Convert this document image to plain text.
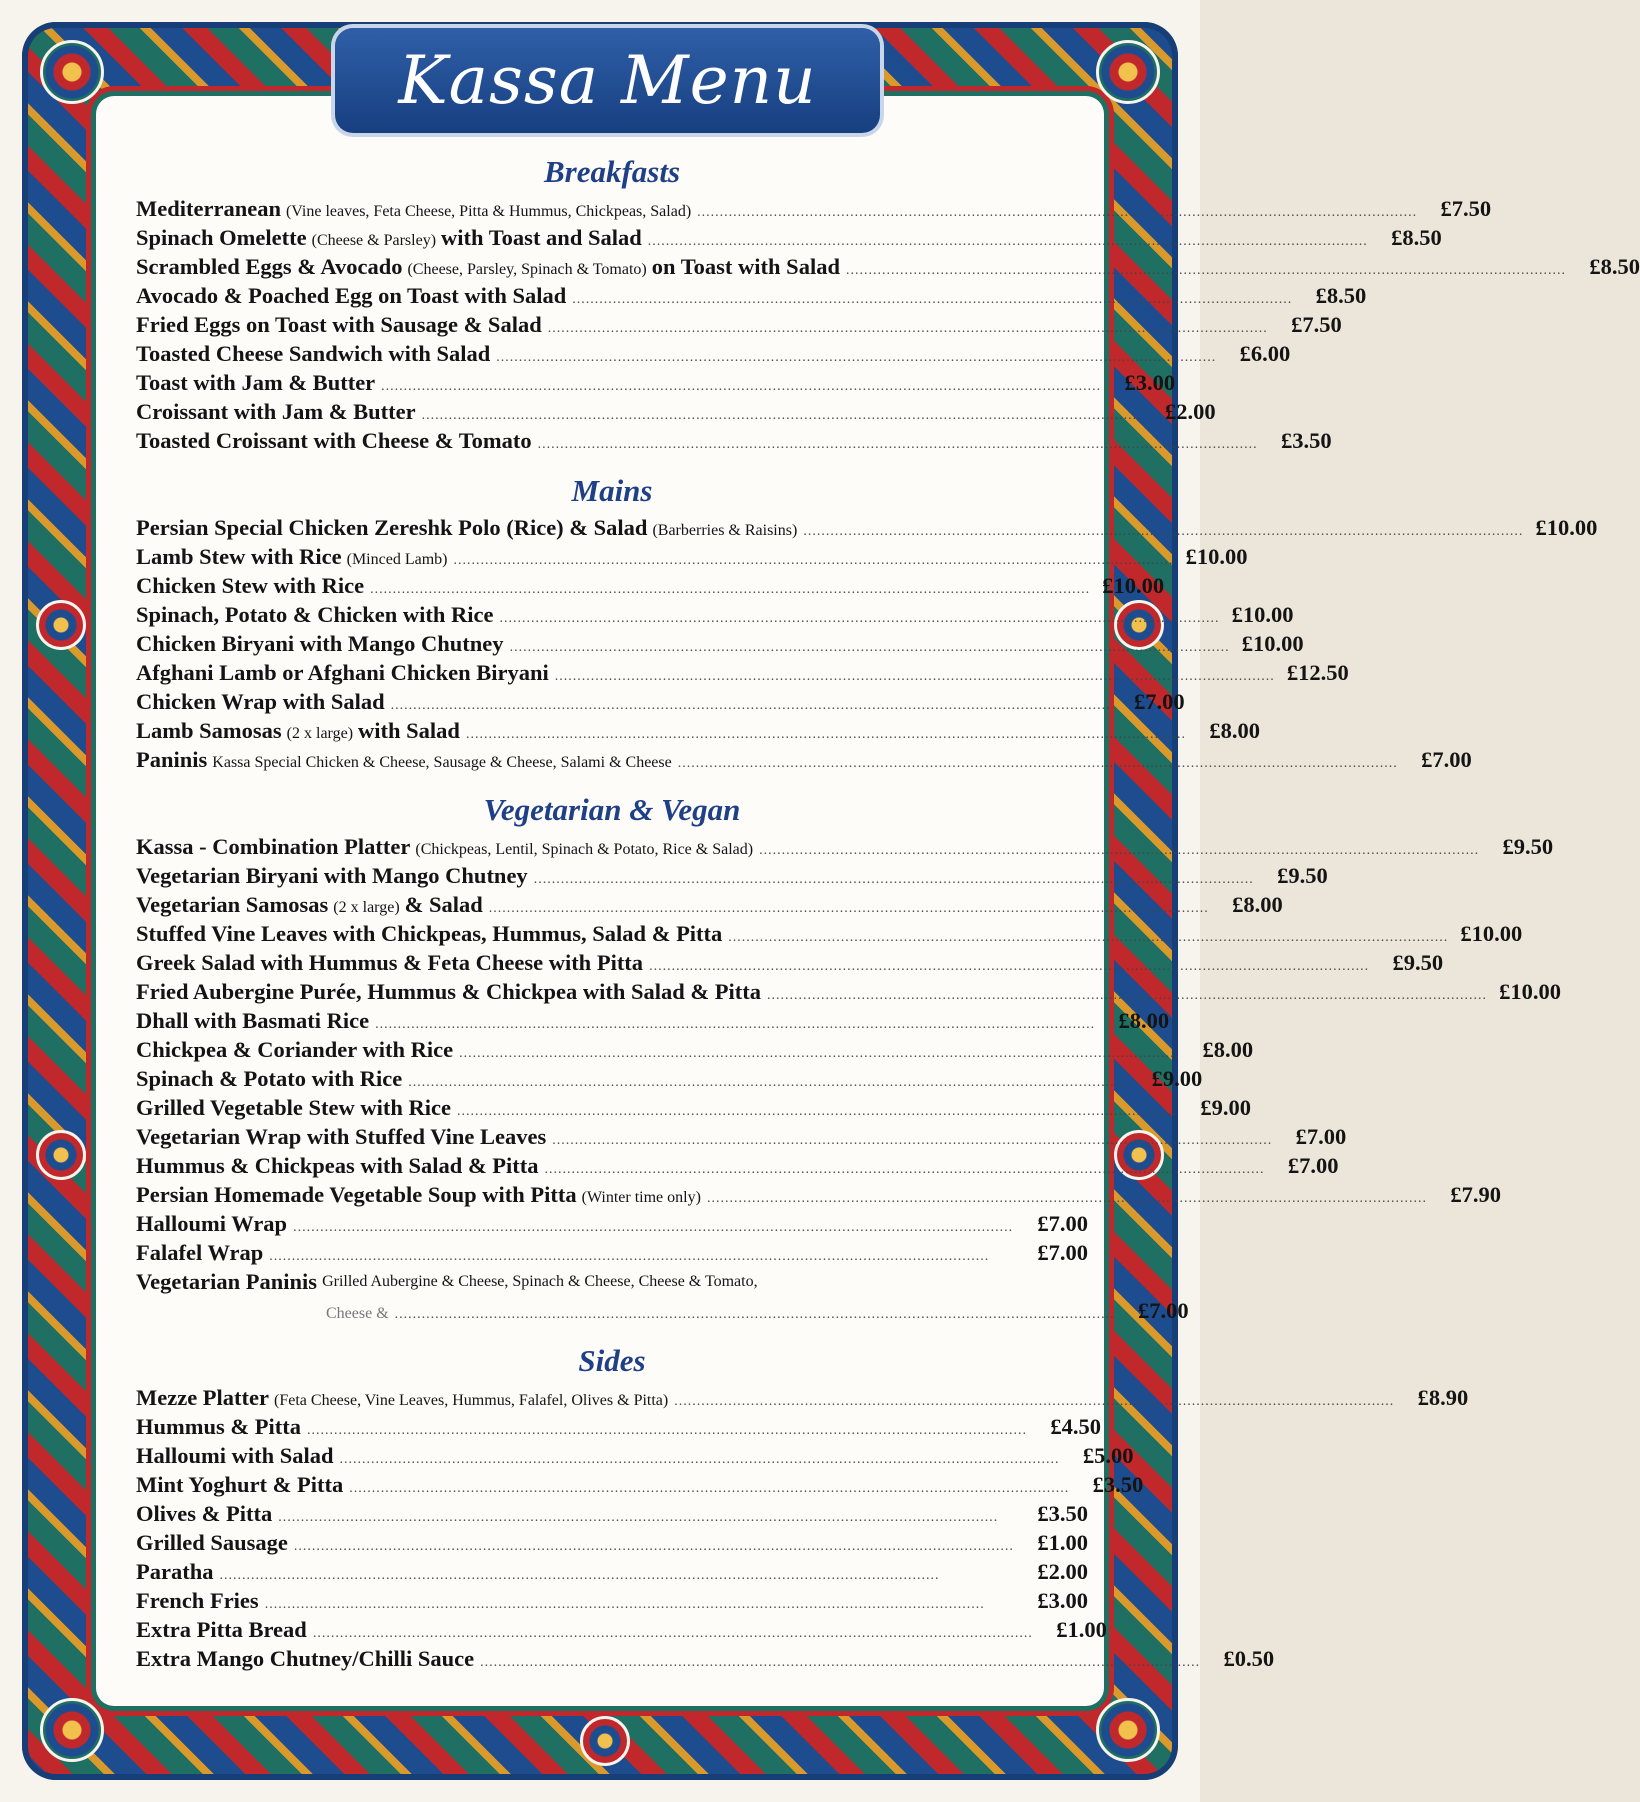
Kassa Menu
Breakfasts
Mediterranean (Vine leaves, Feta Cheese, Pitta & Hummus, Chickpeas, Salad) ................................................................................................................................................................	£7.50
Spinach Omelette (Cheese & Parsley) with Toast and Salad ................................................................................................................................................................	£8.50
Scrambled Eggs & Avocado (Cheese, Parsley, Spinach & Tomato) on Toast with Salad ................................................................................................................................................................	£8.50
Avocado & Poached Egg on Toast with Salad ................................................................................................................................................................	£8.50
Fried Eggs on Toast with Sausage & Salad ................................................................................................................................................................	£7.50
Toasted Cheese Sandwich with Salad ................................................................................................................................................................	£6.00
Toast with Jam & Butter ................................................................................................................................................................	£3.00
Croissant with Jam & Butter ................................................................................................................................................................	£2.00
Toasted Croissant with Cheese & Tomato ................................................................................................................................................................	£3.50
Mains
Persian Special Chicken Zereshk Polo (Rice) & Salad (Barberries & Raisins) ................................................................................................................................................................ £10.00
Lamb Stew with Rice (Minced Lamb) ................................................................................................................................................................ £10.00
Chicken Stew with Rice ................................................................................................................................................................ £10.00
Spinach, Potato & Chicken with Rice ................................................................................................................................................................ £10.00
Chicken Biryani with Mango Chutney ................................................................................................................................................................ £10.00
Afghani Lamb or Afghani Chicken Biryani ................................................................................................................................................................ £12.50
Chicken Wrap with Salad ................................................................................................................................................................	£7.00
Lamb Samosas (2 x large) with Salad ................................................................................................................................................................	£8.00
Paninis Kassa Special Chicken & Cheese, Sausage & Cheese, Salami & Cheese ................................................................................................................................................................	£7.00
Vegetarian & Vegan
Kassa - Combination Platter (Chickpeas, Lentil, Spinach & Potato, Rice & Salad) ................................................................................................................................................................	£9.50
Vegetarian Biryani with Mango Chutney ................................................................................................................................................................	£9.50
Vegetarian Samosas (2 x large) & Salad ................................................................................................................................................................	£8.00
Stuffed Vine Leaves with Chickpeas, Hummus, Salad & Pitta ................................................................................................................................................................ £10.00
Greek Salad with Hummus & Feta Cheese with Pitta ................................................................................................................................................................	£9.50
Fried Aubergine Purée, Hummus & Chickpea with Salad & Pitta ................................................................................................................................................................ £10.00
Dhall with Basmati Rice ................................................................................................................................................................	£8.00
Chickpea & Coriander with Rice ................................................................................................................................................................	£8.00
Spinach & Potato with Rice ................................................................................................................................................................	£9.00
Grilled Vegetable Stew with Rice ................................................................................................................................................................	£9.00
Vegetarian Wrap with Stuffed Vine Leaves ................................................................................................................................................................	£7.00
Hummus & Chickpeas with Salad & Pitta ................................................................................................................................................................	£7.00
Persian Homemade Vegetable Soup with Pitta (Winter time only) ................................................................................................................................................................	£7.90
Halloumi Wrap ................................................................................................................................................................	£7.00
Falafel Wrap ................................................................................................................................................................	£7.00
Vegetarian Paninis Grilled Aubergine & Cheese, Spinach & Cheese, Cheese & Tomato,
Cheese & ................................................................................................................................................................	£7.00
Sides
Mezze Platter (Feta Cheese, Vine Leaves, Hummus, Falafel, Olives & Pitta) ................................................................................................................................................................	£8.90
Hummus & Pitta ................................................................................................................................................................	£4.50
Halloumi with Salad ................................................................................................................................................................	£5.00
Mint Yoghurt & Pitta ................................................................................................................................................................	£3.50
Olives & Pitta ................................................................................................................................................................	£3.50
Grilled Sausage ................................................................................................................................................................	£1.00
Paratha ................................................................................................................................................................	£2.00
French Fries ................................................................................................................................................................	£3.00
Extra Pitta Bread ................................................................................................................................................................	£1.00
Extra Mango Chutney/Chilli Sauce ................................................................................................................................................................	£0.50
